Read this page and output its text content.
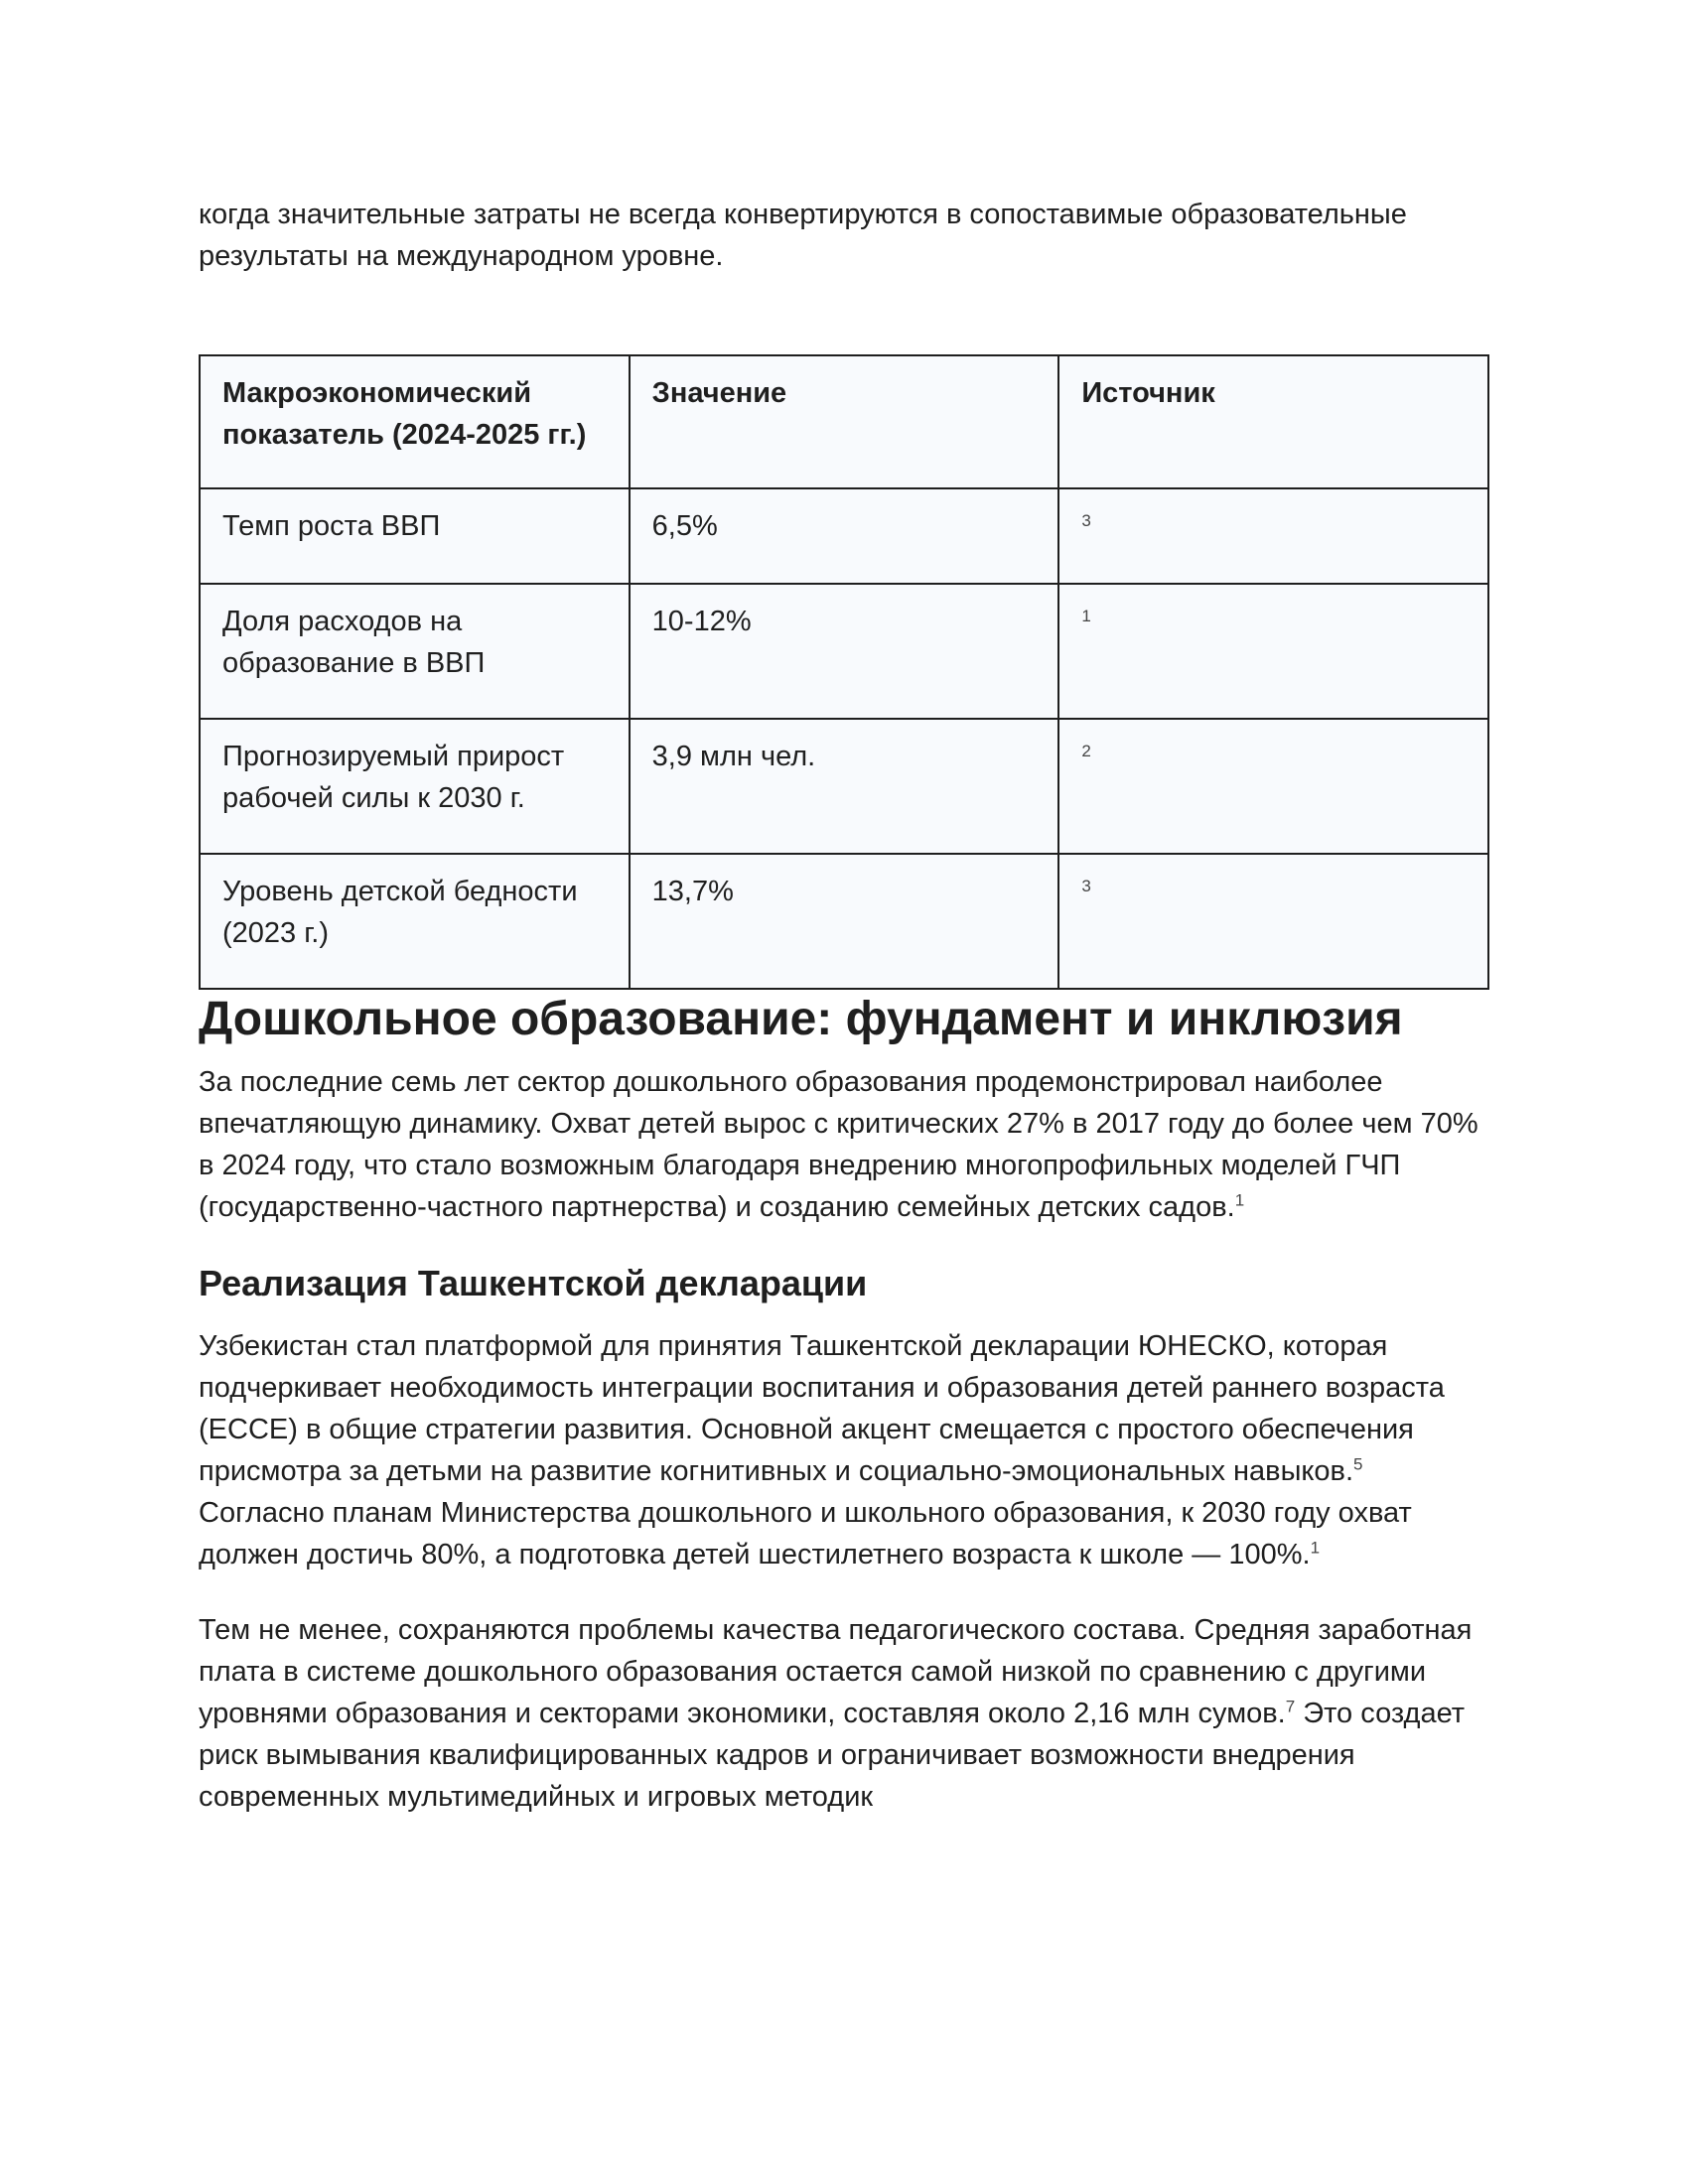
когда значительные затраты не всегда конвертируются в сопоставимые образовательные результаты на международном уровне.

Макроэкономический показатель (2024-2025 гг.)	Значение	Источник
Темп роста ВВП	6,5%	3
Доля расходов на образование в ВВП	10-12%	1
Прогнозируемый прирост рабочей силы к 2030 г.	3,9 млн чел.	2
Уровень детской бедности (2023 г.)	13,7%	3
Дошкольное образование: фундамент и инклюзия

За последние семь лет сектор дошкольного образования продемонстрировал наиболее впечатляющую динамику. Охват детей вырос с критических 27% в 2017 году до более чем 70% в 2024 году, что стало возможным благодаря внедрению многопрофильных моделей ГЧП (государственно-частного партнерства) и созданию семейных детских садов.$^1$

Реализация Ташкентской декларации

Узбекистан стал платформой для принятия Ташкентской декларации ЮНЕСКО, которая подчеркивает необходимость интеграции воспитания и образования детей раннего возраста (ECCE) в общие стратегии развития. Основной акцент смещается с простого обеспечения присмотра за детьми на развитие когнитивных и социально-эмоциональных навыков.$^5$ Согласно планам Министерства дошкольного и школьного образования, к 2030 году охват должен достичь 80%, а подготовка детей шестилетнего возраста к школе — 100%.$^1$

Тем не менее, сохраняются проблемы качества педагогического состава. Средняя заработная плата в системе дошкольного образования остается самой низкой по сравнению с другими уровнями образования и секторами экономики, составляя около 2,16 млн сумов.$^7$ Это создает риск вымывания квалифицированных кадров и ограничивает возможности внедрения современных мультимедийных и игровых методик
